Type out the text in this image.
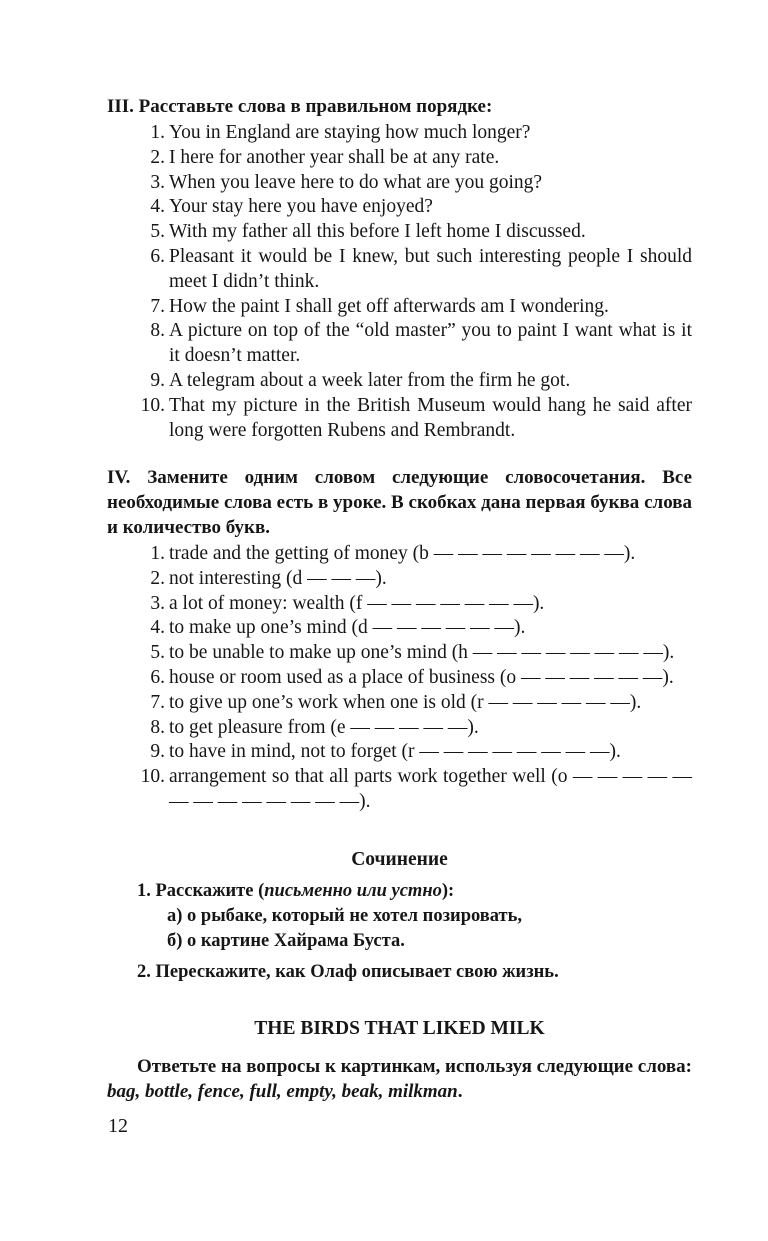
III. Расставьте слова в правильном порядке:
1. You in England are staying how much longer?
2. I here for another year shall be at any rate.
3. When you leave here to do what are you going?
4. Your stay here you have enjoyed?
5. With my father all this before I left home I discussed.
6. Pleasant it would be I knew, but such interesting people I should meet I didn’t think.
7. How the paint I shall get off afterwards am I wondering.
8. A picture on top of the “old master” you to paint I want what is it it doesn’t matter.
9. A telegram about a week later from the firm he got.
10. That my picture in the British Museum would hang he said after long were forgotten Rubens and Rembrandt.
IV. Замените одним словом следующие словосочетания. Все необходимые слова есть в уроке. В скобках дана первая буква слова и количество букв.
1. trade and the getting of money (b — — — — — — — —).
2. not interesting (d — — —).
3. a lot of money: wealth (f — — — — — — —).
4. to make up one’s mind (d — — — — — —).
5. to be unable to make up one’s mind (h — — — — — — — —).
6. house or room used as a place of business (o — — — — — —).
7. to give up one’s work when one is old (r — — — — — —).
8. to get pleasure from (e — — — — —).
9. to have in mind, not to forget (r — — — — — — — —).
10. arrangement so that all parts work together well (o — — — — — — — — — — — — —).
Сочинение
1. Расскажите (письменно или устно):
а) о рыбаке, который не хотел позировать,
б) о картине Хайрама Буста.
2. Перескажите, как Олаф описывает свою жизнь.
THE BIRDS THAT LIKED MILK
Ответьте на вопросы к картинкам, используя следующие слова: bag, bottle, fence, full, empty, beak, milkman.
12
